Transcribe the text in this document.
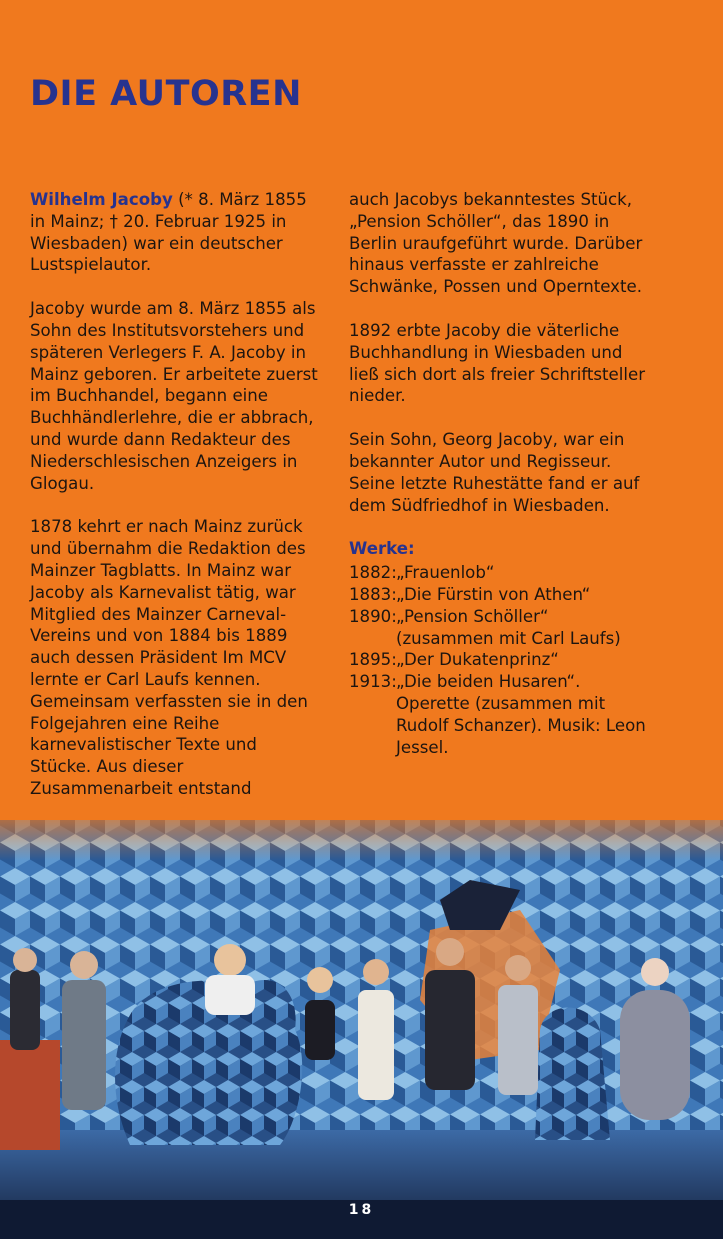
DIE AUTOREN

Wilhelm Jacoby (* 8. März 1855 in Mainz; † 20. Februar 1925 in Wiesbaden) war ein deutscher Lustspielautor.

Jacoby wurde am 8. März 1855 als Sohn des Institutsvorstehers und späteren Verlegers F. A. Jacoby in Mainz geboren. Er arbeitete zuerst im Buchhandel, begann eine Buchhändlerlehre, die er abbrach, und wurde dann Redakteur des Niederschlesischen Anzeigers in Glogau.

1878 kehrt er nach Mainz zurück und übernahm die Redaktion des Mainzer Tagblatts. In Mainz war Jacoby als Karnevalist tätig, war Mitglied des Mainzer Carneval-Vereins und von 1884 bis 1889 auch dessen Präsident Im MCV lernte er Carl Laufs kennen. Gemeinsam verfassten sie in den Folgejahren eine Reihe karnevalistischer Texte und Stücke. Aus dieser Zusammenarbeit entstand

auch Jacobys bekanntestes Stück, „Pension Schöller“, das 1890 in Berlin uraufgeführt wurde. Darüber hinaus verfasste er zahlreiche Schwänke, Possen und Operntexte.

1892 erbte Jacoby die väterliche Buchhandlung in Wiesbaden und ließ sich dort als freier Schriftsteller nieder.

Sein Sohn, Georg Jacoby, war ein bekannter Autor und Regisseur. Seine letzte Ruhestätte fand er auf dem Südfriedhof in Wiesbaden.

Werke:
1882: „Frauenlob“
1883: „Die Fürstin von Athen“
1890: „Pension Schöller“ (zusammen mit Carl Laufs)
1895: „Der Dukatenprinz“
1913: „Die beiden Husaren“. Operette (zusammen mit Rudolf Schanzer). Musik: Leon Jessel.
18
